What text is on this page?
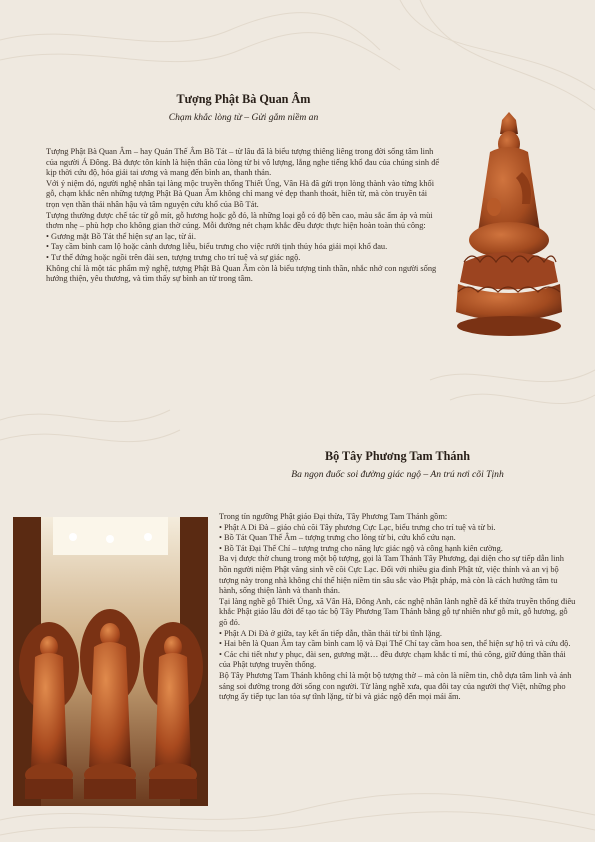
Tượng Phật Bà Quan Âm

Chạm khắc lòng từ – Gửi gắm niềm an

Tượng Phật Bà Quan Âm – hay Quán Thế Âm Bồ Tát – từ lâu đã là biểu tượng thiêng liêng trong đời sống tâm linh của người Á Đông. Bà được tôn kính là hiện thân của lòng từ bi vô lượng, lắng nghe tiếng khổ đau của chúng sinh để kịp thời cứu độ, hóa giải tai ương và mang đến bình an, thanh thản.

Với ý niệm đó, người nghệ nhân tại làng mộc truyền thống Thiết Úng, Vân Hà đã gửi trọn lòng thành vào từng khối gỗ, chạm khắc nên những tượng Phật Bà Quan Âm không chỉ mang vẻ đẹp thanh thoát, hiền từ, mà còn truyền tải trọn vẹn thần thái nhân hậu và tâm nguyện cứu khổ của Bồ Tát.

Tượng thường được chế tác từ gỗ mít, gỗ hương hoặc gỗ đỏ, là những loại gỗ có độ bền cao, màu sắc ấm áp và mùi thơm nhẹ – phù hợp cho không gian thờ cúng. Mỗi đường nét chạm khắc đều được thực hiện hoàn toàn thủ công:

• Gương mặt Bồ Tát thể hiện sự an lạc, từ ái.

• Tay cầm bình cam lộ hoặc cành dương liễu, biểu trưng cho việc rưới tịnh thủy hóa giải mọi khổ đau.

• Tư thế đứng hoặc ngồi trên đài sen, tượng trưng cho trí tuệ và sự giác ngộ.

Không chỉ là một tác phẩm mỹ nghệ, tượng Phật Bà Quan Âm còn là biểu tượng tinh thần, nhắc nhở con người sống hướng thiện, yêu thương, và tìm thấy sự bình an từ trong tâm.

Bộ Tây Phương Tam Thánh

Ba ngọn đuốc soi đường giác ngộ – An trú nơi cõi Tịnh

Trong tín ngưỡng Phật giáo Đại thừa, Tây Phương Tam Thánh gồm:

• Phật A Di Đà – giáo chủ cõi Tây phương Cực Lạc, biểu trưng cho trí tuệ và từ bi.

• Bồ Tát Quan Thế Âm – tượng trưng cho lòng từ bi, cứu khổ cứu nạn.

• Bồ Tát Đại Thế Chí – tượng trưng cho năng lực giác ngộ và công hạnh kiên cường.

Ba vị được thờ chung trong một bộ tượng, gọi là Tam Thánh Tây Phương, đại diện cho sự tiếp dẫn linh hồn người niệm Phật vãng sinh về cõi Cực Lạc. Đối với nhiều gia đình Phật tử, việc thỉnh và an vị bộ tượng này trong nhà không chỉ thể hiện niềm tin sâu sắc vào Phật pháp, mà còn là cách hướng tâm tu hành, sống thiện lành và thanh thản.

Tại làng nghề gỗ Thiết Úng, xã Vân Hà, Đông Anh, các nghệ nhân lành nghề đã kế thừa truyền thống điêu khắc Phật giáo lâu đời để tạo tác bộ Tây Phương Tam Thánh bằng gỗ tự nhiên như gỗ mít, gỗ hương, gỗ gõ đỏ.

• Phật A Di Đà ở giữa, tay kết ấn tiếp dẫn, thần thái từ bi tĩnh lặng.

• Hai bên là Quan Âm tay cầm bình cam lộ và Đại Thế Chí tay cầm hoa sen, thể hiện sự hộ trì và cứu độ.

• Các chi tiết như y phục, đài sen, gương mặt… đều được chạm khắc tỉ mỉ, thủ công, giữ đúng thần thái của Phật tượng truyền thống.

Bộ Tây Phương Tam Thánh không chỉ là một bộ tượng thờ – mà còn là niềm tin, chỗ dựa tâm linh và ánh sáng soi đường trong đời sống con người. Từ làng nghề xưa, qua đôi tay của người thợ Việt, những pho tượng ấy tiếp tục lan tỏa sự tĩnh lặng, từ bi và giác ngộ đến mọi mái ấm.
